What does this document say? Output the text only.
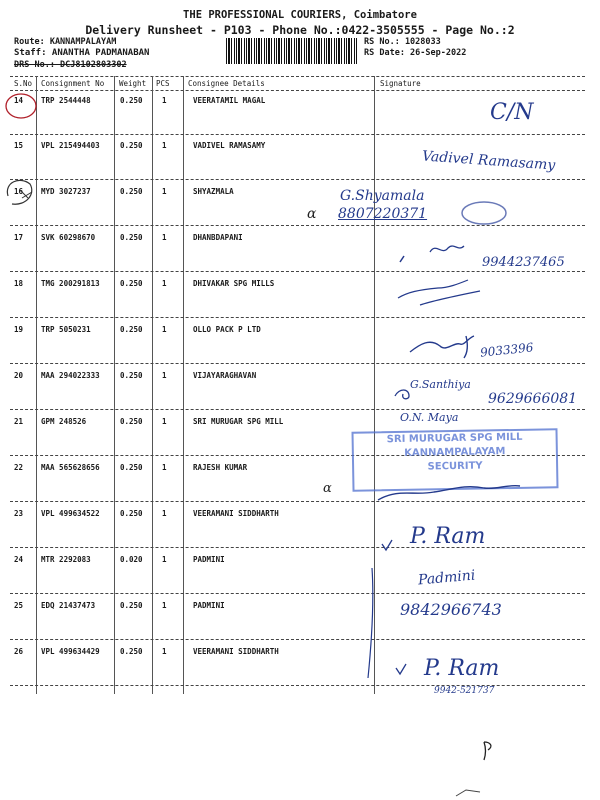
THE PROFESSIONAL COURIERS, Coimbatore
Delivery Runsheet - P103 - Phone No.:0422-3505555 - Page No.:2
Route: KANNAMPALAYAM
Staff: ANANTHA PADMANABAN
DRS No.: DCJ8102803302
RS No.: 1028033
RS Date: 26-Sep-2022
S.No Consignment No Weight PCS Consignee Details	Signature
14 TRP 2544448	0.250	1	VEERATAMIL MAGAL
15 VPL 215494403	0.250	1	VADIVEL RAMASAMY
16 MYD 3027237	0.250	1	SHYAZMALA
17 SVK 60298670	0.250	1	DHANBDAPANI
18 TMG 200291813	0.250	1	DHIVAKAR SPG MILLS
19 TRP 5050231	0.250	1	OLLO PACK P LTD
20 MAA 294022333	0.250	1	VIJAYARAGHAVAN
21 GPM 248526	0.250	1	SRI MURUGAR SPG MILL
22 MAA 565628656	0.250	1	RAJESH KUMAR
23 VPL 499634522	0.250	1	VEERAMANI SIDDHARTH
24 MTR 2292083	0.020	1	PADMINI
25 EDQ 21437473	0.250	1	PADMINI
26 VPL 499634429	0.250	1	VEERAMANI SIDDHARTH
C/N
Vadivel Ramasamy
G.Shyamala
8807220371
9944237465
9033396
G.Santhiya
9629666081
O.N. Maya
P. Ram
Padmini
9842966743
P. Ram
9942-521737
SRI MURUGAR SPG MILL
KANNAMPALAYAM
SECURITY
α
α
